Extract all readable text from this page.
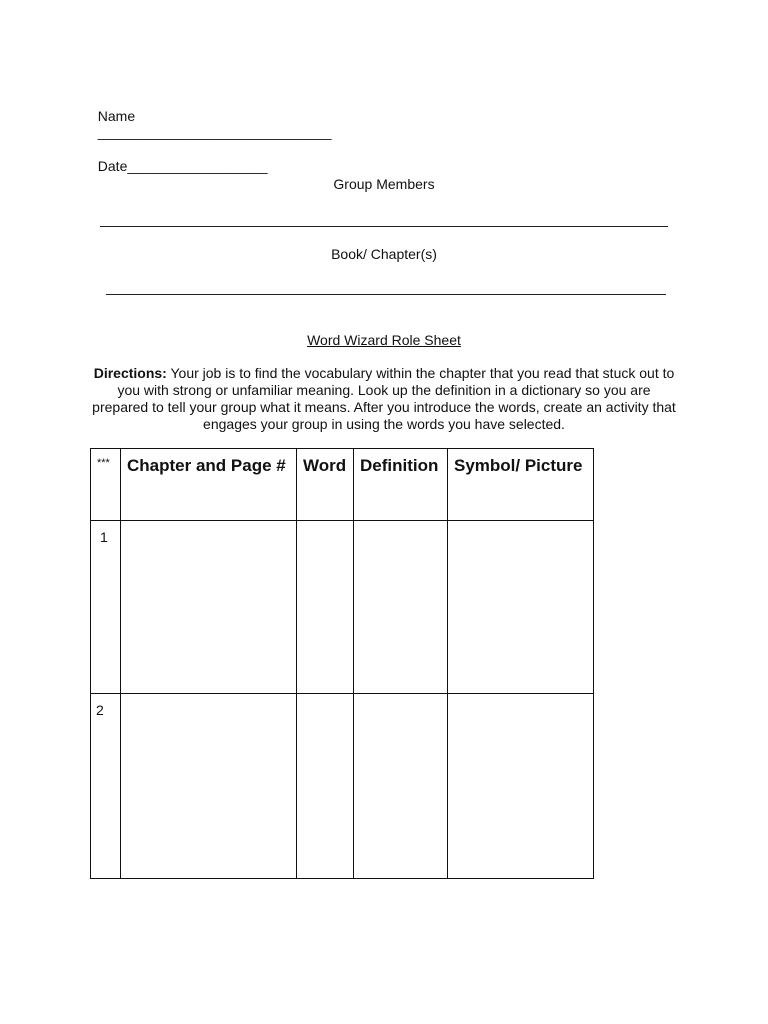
Name
______________________________

Date__________________

Group Members
Book/ Chapter(s)
Word Wizard Role Sheet
Directions: Your job is to find the vocabulary within the chapter that you read that stuck out to you with strong or unfamiliar meaning. Look up the definition in a dictionary so you are prepared to tell your group what it means. After you introduce the words, create an activity that engages your group in using the words you have selected.
***	Chapter and Page #	Word	Definition	Symbol/ Picture
1				
2				
